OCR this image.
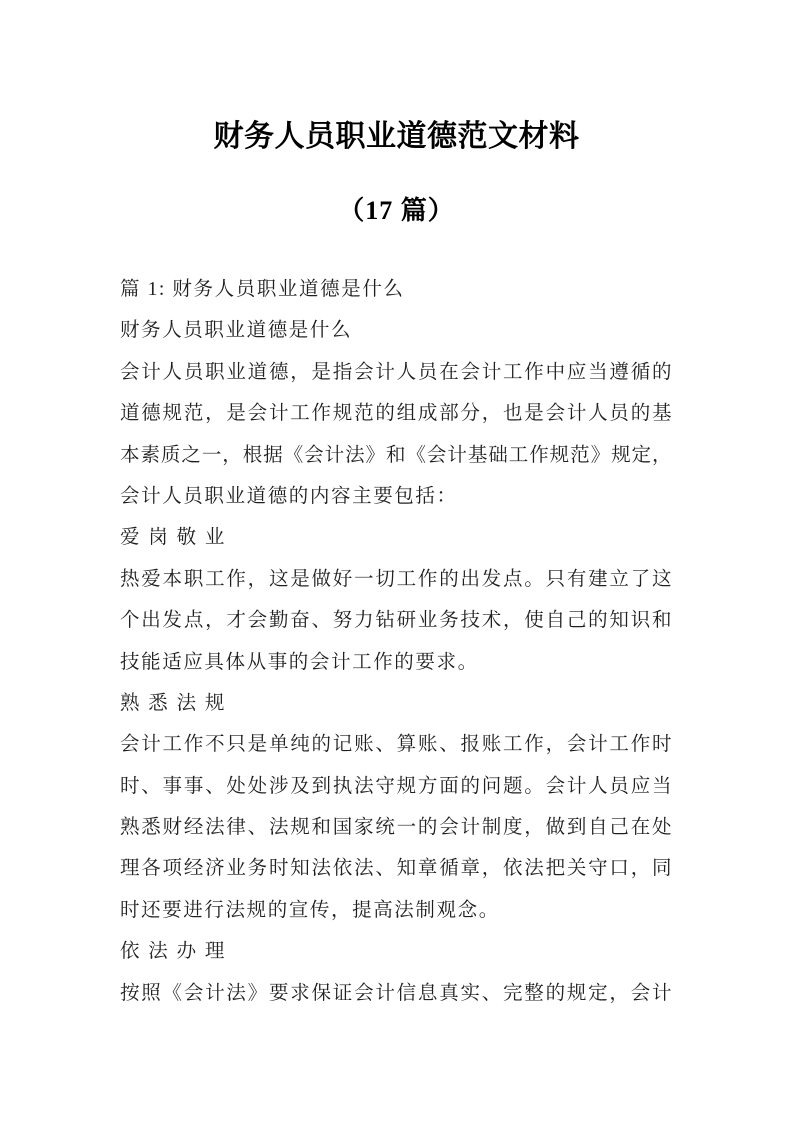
财务人员职业道德范文材料
（17 篇）
篇 1: 财务人员职业道德是什么
财务人员职业道德是什么
会计人员职业道德，是指会计人员在会计工作中应当遵循的
道德规范，是会计工作规范的组成部分，也是会计人员的基
本素质之一，根据《会计法》和《会计基础工作规范》规定，
会计人员职业道德的内容主要包括：
爱岗敬业
热爱本职工作，这是做好一切工作的出发点。只有建立了这
个出发点，才会勤奋、努力钻研业务技术，使自己的知识和
技能适应具体从事的会计工作的要求。
熟悉法规
会计工作不只是单纯的记账、算账、报账工作，会计工作时
时、事事、处处涉及到执法守规方面的问题。会计人员应当
熟悉财经法律、法规和国家统一的会计制度，做到自己在处
理各项经济业务时知法依法、知章循章，依法把关守口，同
时还要进行法规的宣传，提高法制观念。
依法办理
按照《会计法》要求保证会计信息真实、完整的规定，会计
